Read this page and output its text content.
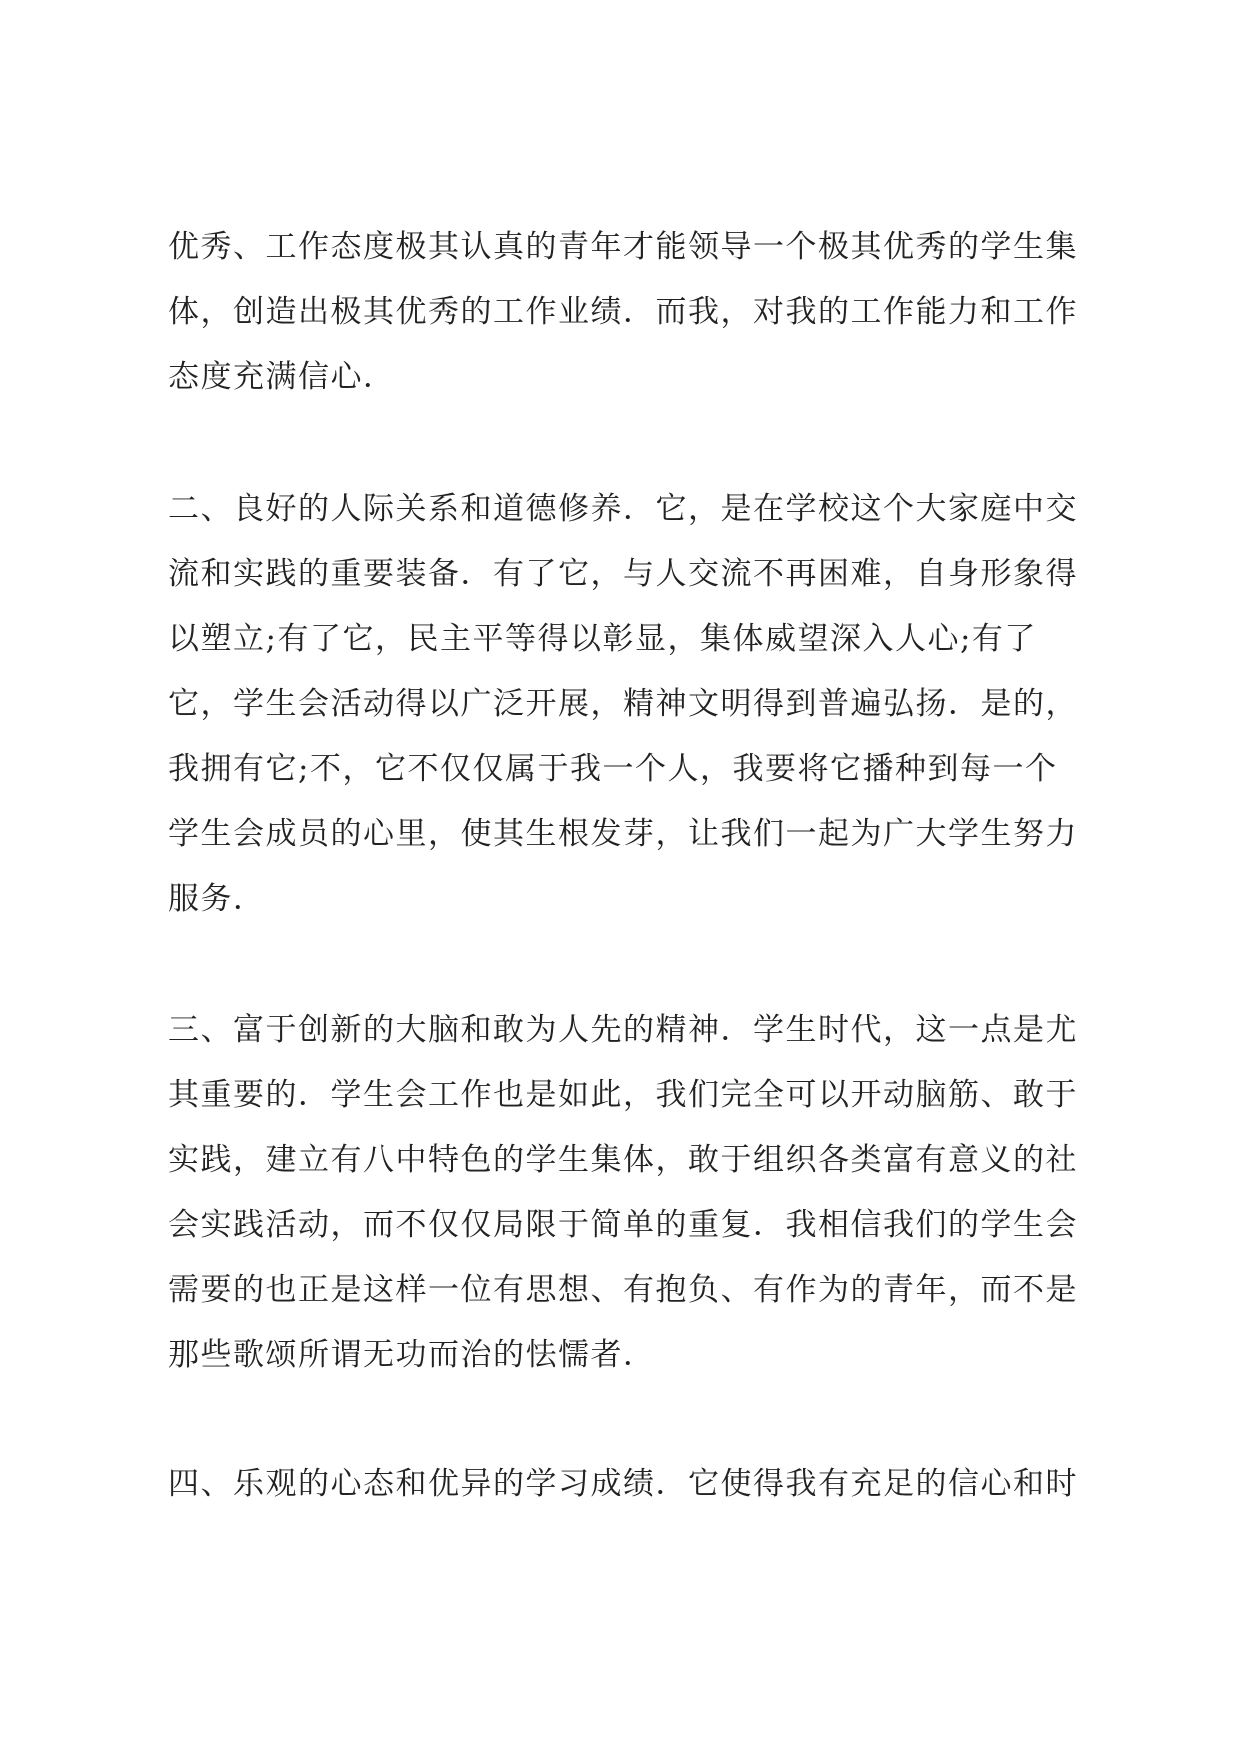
优秀、工作态度极其认真的青年才能领导一个极其优秀的学生集
体，创造出极其优秀的工作业绩．而我，对我的工作能力和工作
态度充满信心．

二、良好的人际关系和道德修养．它，是在学校这个大家庭中交
流和实践的重要装备．有了它，与人交流不再困难，自身形象得
以塑立;有了它，民主平等得以彰显，集体威望深入人心;有了
它，学生会活动得以广泛开展，精神文明得到普遍弘扬．是的，
我拥有它;不，它不仅仅属于我一个人，我要将它播种到每一个
学生会成员的心里，使其生根发芽，让我们一起为广大学生努力
服务．

三、富于创新的大脑和敢为人先的精神．学生时代，这一点是尤
其重要的．学生会工作也是如此，我们完全可以开动脑筋、敢于
实践，建立有八中特色的学生集体，敢于组织各类富有意义的社
会实践活动，而不仅仅局限于简单的重复．我相信我们的学生会
需要的也正是这样一位有思想、有抱负、有作为的青年，而不是
那些歌颂所谓无功而治的怯懦者．

四、乐观的心态和优异的学习成绩．它使得我有充足的信心和时
